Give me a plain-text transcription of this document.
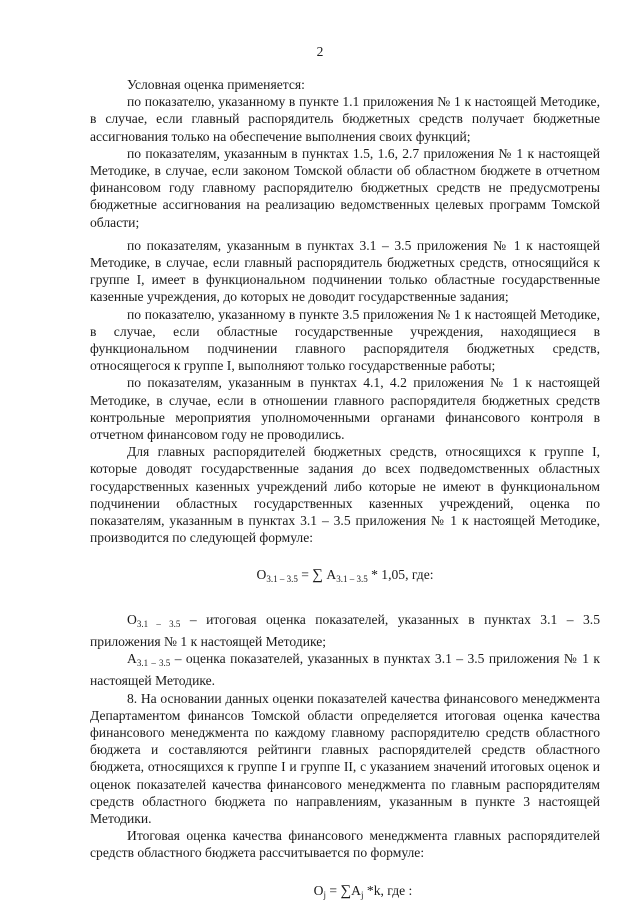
2

Условная оценка применяется:

по показателю, указанному в пункте 1.1 приложения № 1 к настоящей Методике, в случае, если главный распорядитель бюджетных средств получает бюджетные ассигнования только на обеспечение выполнения своих функций;

по показателям, указанным в пунктах 1.5, 1.6, 2.7 приложения № 1 к настоящей Методике, в случае, если законом Томской области об областном бюджете в отчетном финансовом году главному распорядителю бюджетных средств не предусмотрены бюджетные ассигнования на реализацию ведомственных целевых программ Томской области;

по показателям, указанным в пунктах 3.1 – 3.5 приложения № 1 к настоящей Методике, в случае, если главный распорядитель бюджетных средств, относящийся к группе I, имеет в функциональном подчинении только областные государственные казенные учреждения, до которых не доводит государственные задания;

по показателю, указанному в пункте 3.5 приложения № 1 к настоящей Методике, в случае, если областные государственные учреждения, находящиеся в функциональном подчинении главного распорядителя бюджетных средств, относящегося к группе I, выполняют только государственные работы;

по показателям, указанным в пунктах 4.1, 4.2 приложения № 1 к настоящей Методике, в случае, если в отношении главного распорядителя бюджетных средств контрольные мероприятия уполномоченными органами финансового контроля в отчетном финансовом году не проводились.

Для главных распорядителей бюджетных средств, относящихся к группе I, которые доводят государственные задания до всех подведомственных областных государственных казенных учреждений либо которые не имеют в функциональном подчинении областных государственных казенных учреждений, оценка по показателям, указанным в пунктах 3.1 – 3.5 приложения № 1 к настоящей Методике, производится по следующей формуле:

$О_{3.1 - 3.5}$ = ∑ $А_{3.1 - 3.5} * 1,05$, где:

$О_{3.1 - 3.5}$ – итоговая оценка показателей, указанных в пунктах 3.1 – 3.5 приложения № 1 к настоящей Методике;

$А_{3.1 - 3.5}$ – оценка показателей, указанных в пунктах 3.1 – 3.5 приложения № 1 к настоящей Методике.

8. На основании данных оценки показателей качества финансового менеджмента Департаментом финансов Томской области определяется итоговая оценка качества финансового менеджмента по каждому главному распорядителю средств областного бюджета и составляются рейтинги главных распорядителей средств областного бюджета, относящихся к группе I и группе II, с указанием значений итоговых оценок и оценок показателей качества финансового менеджмента по главным распорядителям средств областного бюджета по направлениям, указанным в пункте 3 настоящей Методики.

Итоговая оценка качества финансового менеджмента главных распорядителей средств областного бюджета рассчитывается по формуле:

$О_j = \sum А_j$ *k, где :
